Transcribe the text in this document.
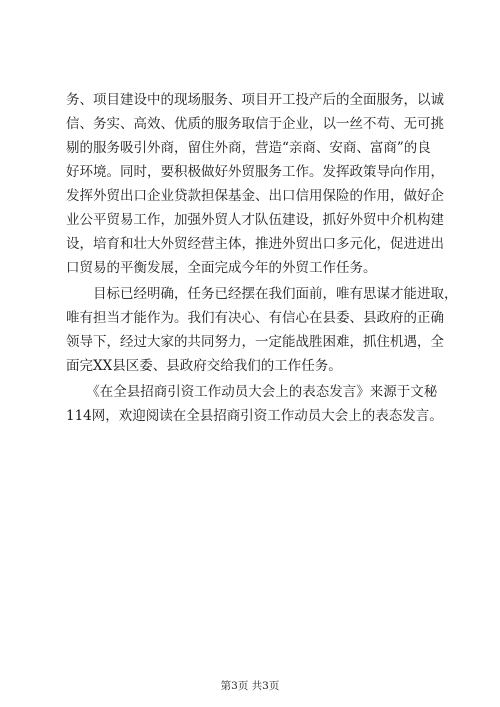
务、项目建设中的现场服务、项目开工投产后的全面服务，以诚
信、务实、高效、优质的服务取信于企业，以一丝不苟、无可挑
剔的服务吸引外商，留住外商，营造“亲商、安商、富商”的良
好环境。同时，要积极做好外贸服务工作。发挥政策导向作用，
发挥外贸出口企业贷款担保基金、出口信用保险的作用，做好企
业公平贸易工作，加强外贸人才队伍建设，抓好外贸中介机构建
设，培育和壮大外贸经营主体，推进外贸出口多元化，促进进出
口贸易的平衡发展，全面完成今年的外贸工作任务。
　　目标已经明确，任务已经摆在我们面前，唯有思谋才能进取，
唯有担当才能作为。我们有决心、有信心在县委、县政府的正确
领导下，经过大家的共同努力，一定能战胜困难，抓住机遇，全
面完XX县区委、县政府交给我们的工作任务。
　　《在全县招商引资工作动员大会上的表态发言》来源于文秘
114网，欢迎阅读在全县招商引资工作动员大会上的表态发言。
第3页 共3页
